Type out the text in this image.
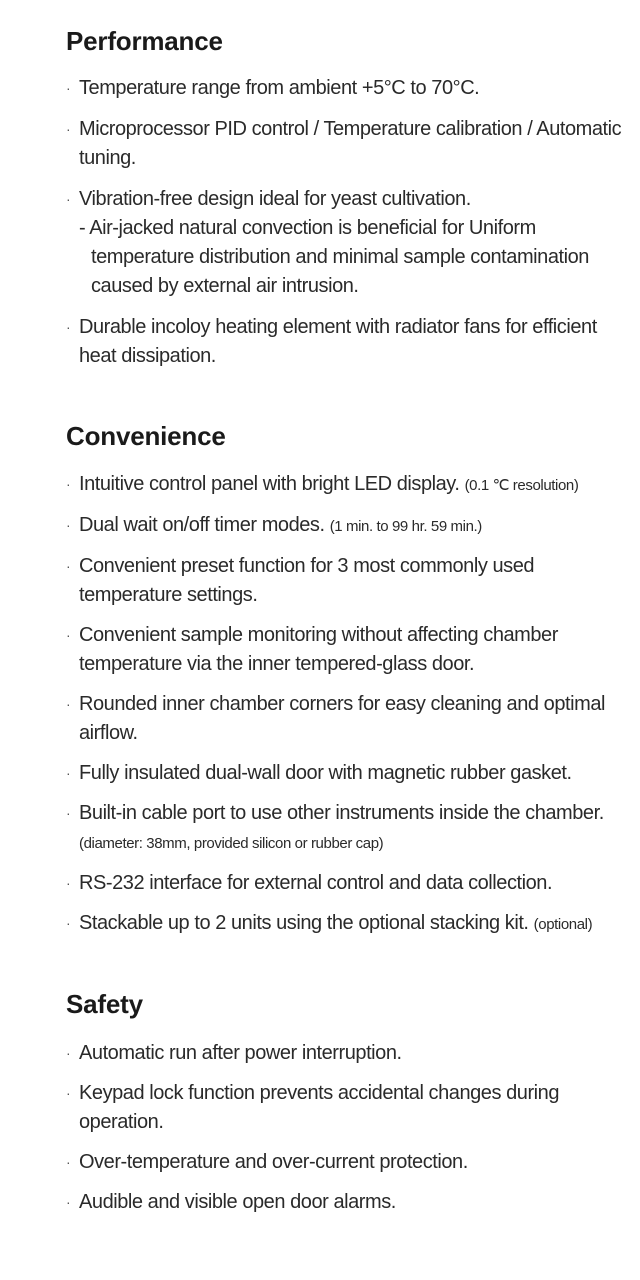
Performance
· Temperature range from ambient +5°C to 70°C.
· Microprocessor PID control / Temperature calibration / Automatic tuning.
· Vibration-free design ideal for yeast cultivation.
- Air-jacked natural convection is beneficial for Uniform temperature distribution and minimal sample contamination caused by external air intrusion.
· Durable incoloy heating element with radiator fans for efficient heat dissipation.
Convenience
· Intuitive control panel with bright LED display. (0.1 ℃ resolution)
· Dual wait on/off timer modes. (1 min. to 99 hr. 59 min.)
· Convenient preset function for 3 most commonly used temperature settings.
· Convenient sample monitoring without affecting chamber temperature via the inner tempered-glass door.
· Rounded inner chamber corners for easy cleaning and optimal airflow.
· Fully insulated dual-wall door with magnetic rubber gasket.
· Built-in cable port to use other instruments inside the chamber. (diameter: 38mm, provided silicon or rubber cap)
· RS-232 interface for external control and data collection.
· Stackable up to 2 units using the optional stacking kit. (optional)
Safety
· Automatic run after power interruption.
· Keypad lock function prevents accidental changes during operation.
· Over-temperature and over-current protection.
· Audible and visible open door alarms.
